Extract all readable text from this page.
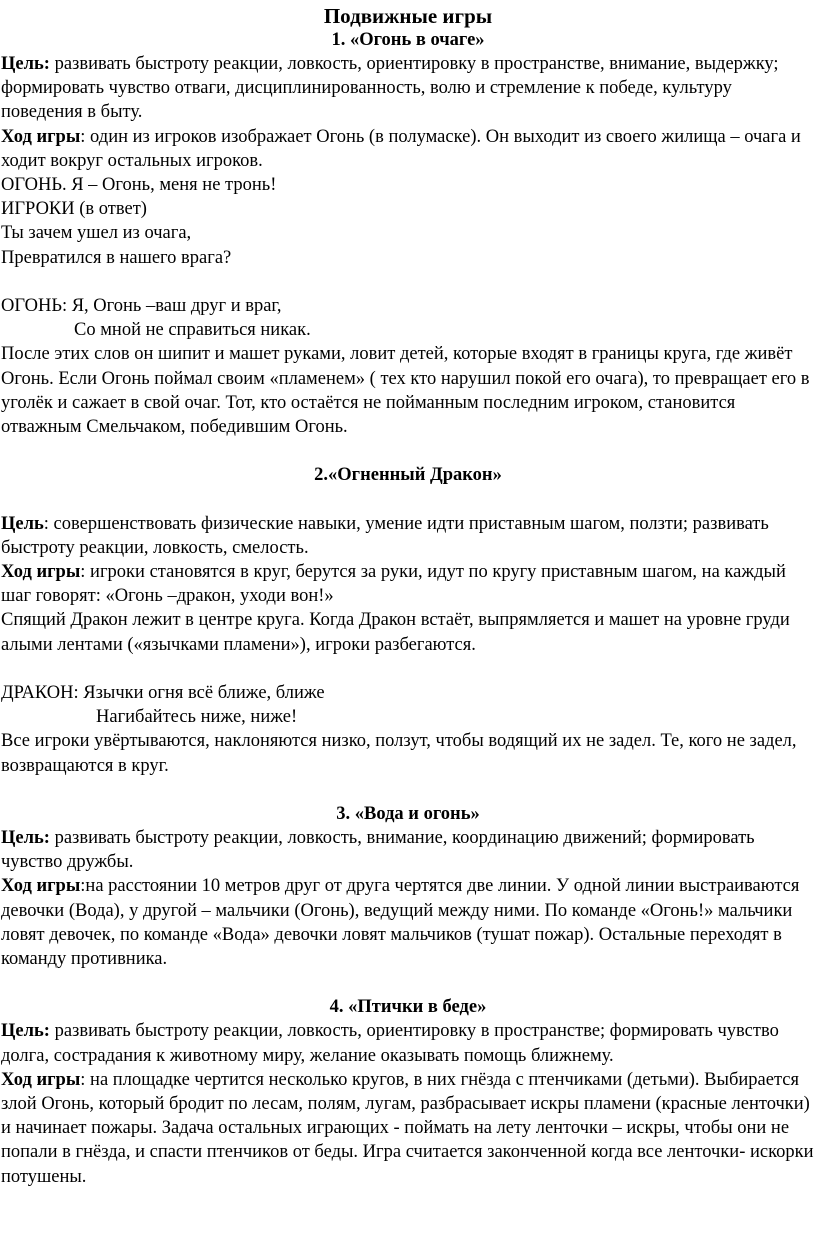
Подвижные игры
1. «Огонь в очаге»

Цель: развивать быстроту реакции, ловкость, ориентировку в пространстве, внимание, выдержку; формировать чувство отваги, дисциплинированность, волю и стремление к победе, культуру поведения в быту.

Ход игры: один из игроков изображает Огонь (в полумаске). Он выходит из своего жилища – очага и ходит вокруг остальных игроков.

ОГОНЬ. Я – Огонь, меня не тронь!

ИГРОКИ (в ответ)

Ты зачем ушел из очага,

Превратился в нашего врага?

ОГОНЬ: Я, Огонь –ваш друг и враг,

Со мной не справиться никак.

После этих слов он шипит и машет руками, ловит детей, которые входят в границы круга, где живёт Огонь. Если Огонь поймал своим «пламенем» ( тех кто нарушил покой его очага), то превращает его в уголёк и сажает в свой очаг. Тот, кто остаётся не пойманным последним игроком, становится отважным Смельчаком, победившим Огонь.

2.«Огненный Дракон»

Цель: совершенствовать физические навыки, умение идти приставным шагом, ползти; развивать быстроту реакции, ловкость, смелость.

Ход игры: игроки становятся в круг, берутся за руки, идут по кругу приставным шагом, на каждый шаг говорят: «Огонь –дракон, уходи вон!»

Спящий Дракон лежит в центре круга. Когда Дракон встаёт, выпрямляется и машет на уровне груди алыми лентами («язычками пламени»), игроки разбегаются.

ДРАКОН: Язычки огня всё ближе, ближе

Нагибайтесь ниже, ниже!

Все игроки увёртываются, наклоняются низко, ползут, чтобы водящий их не задел. Те, кого не задел, возвращаются в круг.

3. «Вода и огонь»

Цель: развивать быстроту реакции, ловкость, внимание, координацию движений; формировать чувство дружбы.

Ход игры:на расстоянии 10 метров друг от друга чертятся две линии. У одной линии выстраиваются девочки (Вода), у другой – мальчики (Огонь), ведущий между ними. По команде «Огонь!» мальчики ловят девочек, по команде «Вода» девочки ловят мальчиков (тушат пожар). Остальные переходят в команду противника.

4. «Птички в беде»

Цель: развивать быстроту реакции, ловкость, ориентировку в пространстве; формировать чувство долга, сострадания к животному миру, желание оказывать помощь ближнему.

Ход игры: на площадке чертится несколько кругов, в них гнёзда с птенчиками (детьми). Выбирается злой Огонь, который бродит по лесам, полям, лугам, разбрасывает искры пламени (красные ленточки) и начинает пожары. Задача остальных играющих - поймать на лету ленточки – искры, чтобы они не попали в гнёзда, и спасти птенчиков от беды. Игра считается законченной когда все ленточки- искорки потушены.
